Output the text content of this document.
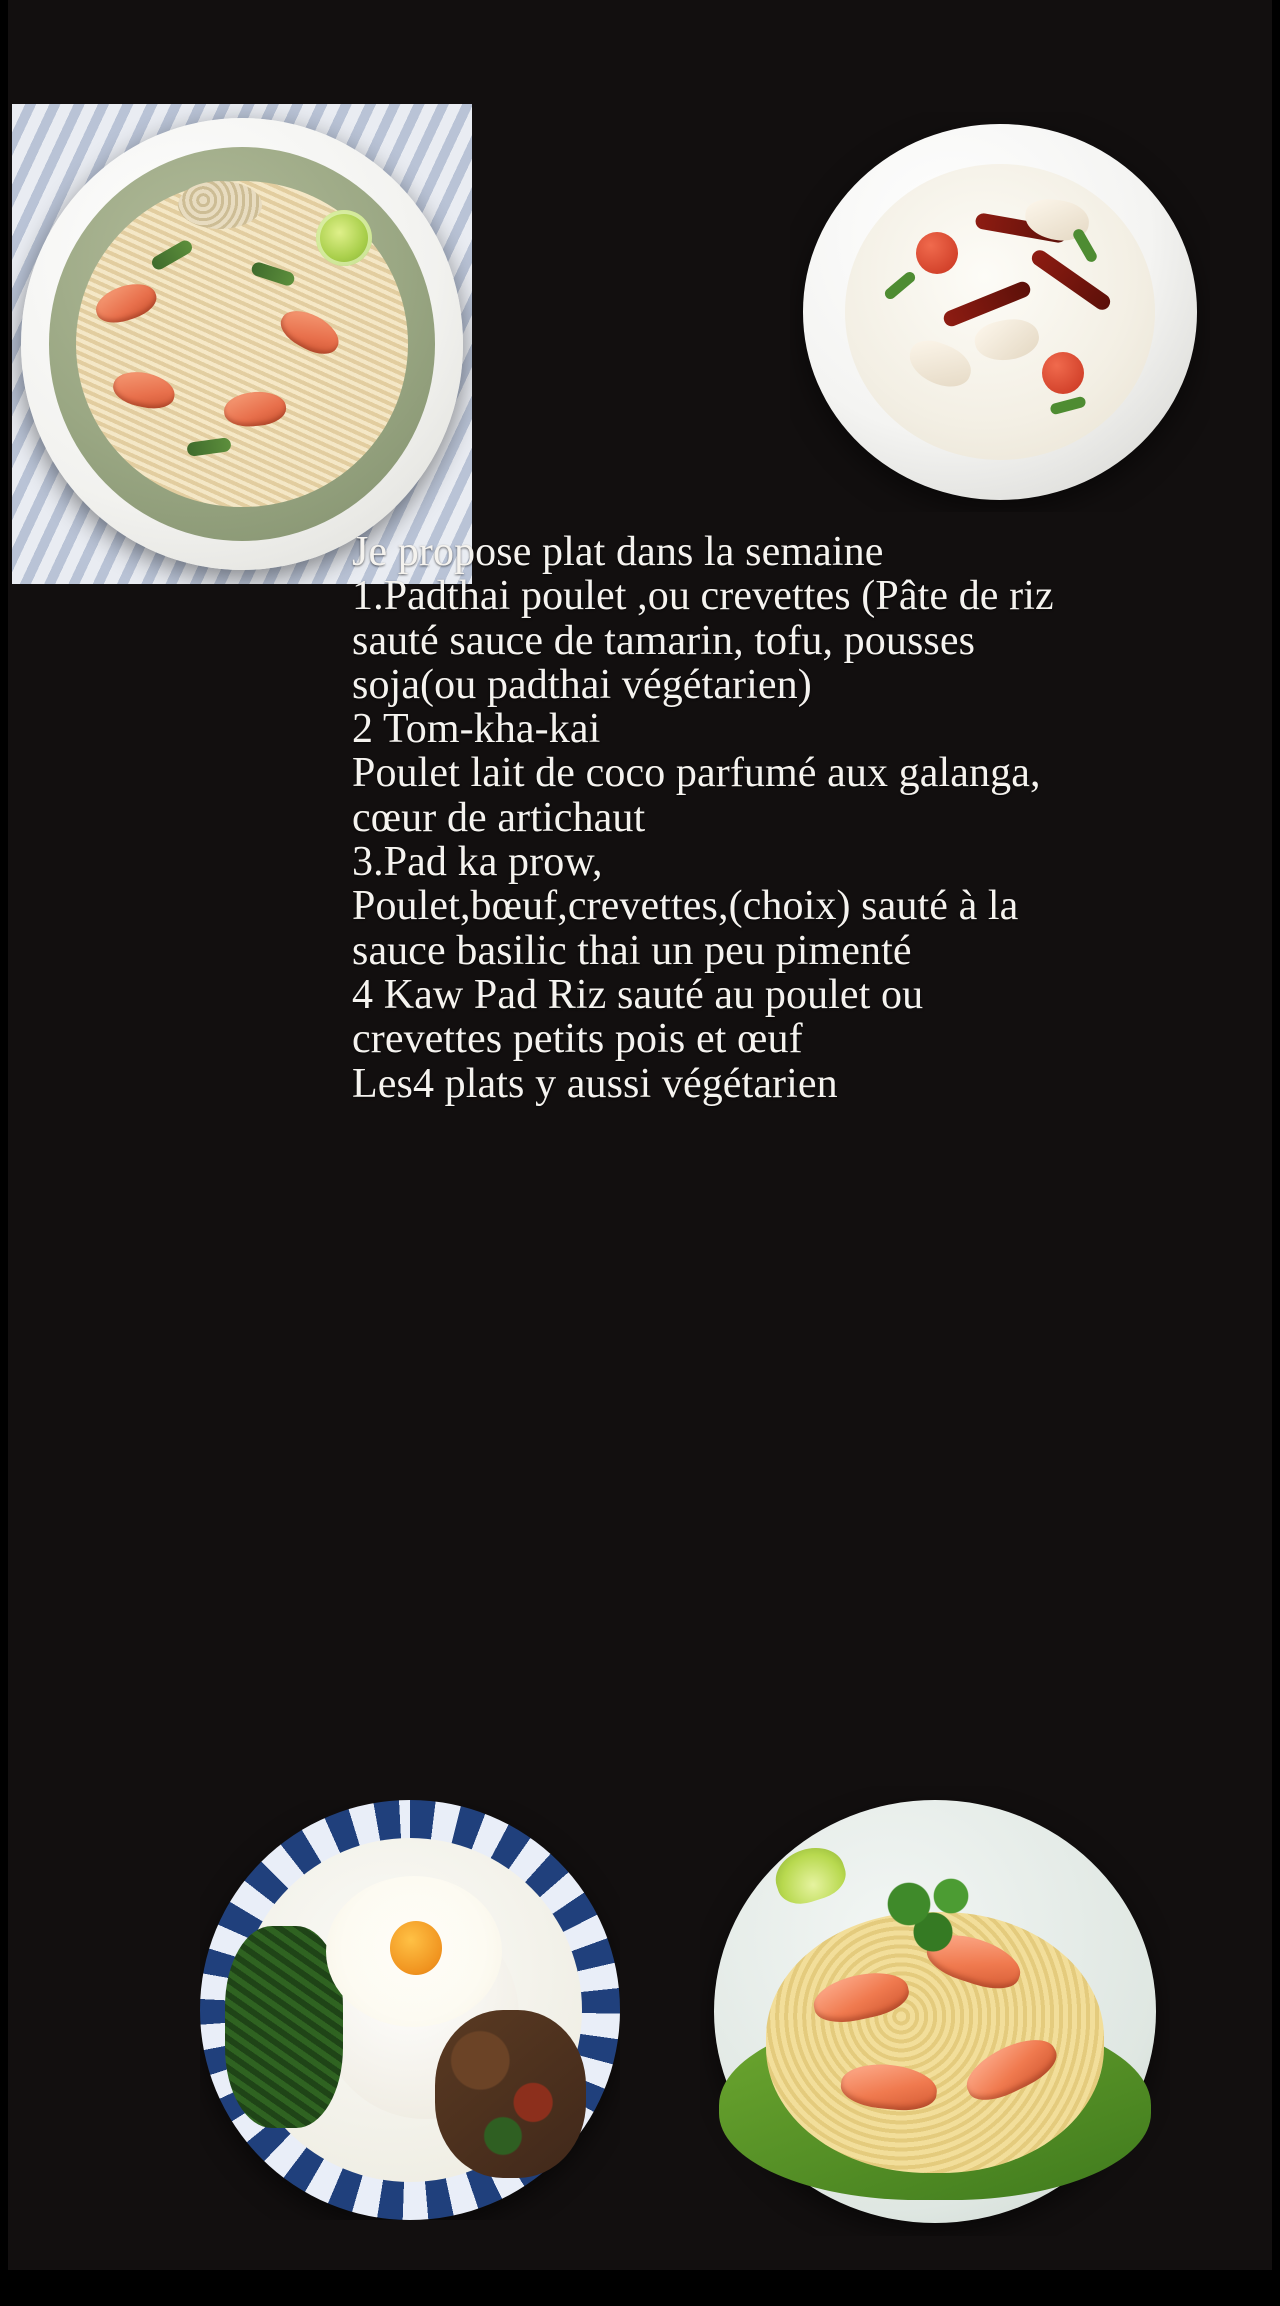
Je propose plat dans la semaine

1.Padthai poulet ,ou crevettes (Pâte de riz sauté sauce de tamarin, tofu, pousses soja(ou padthai végétarien)

2 Tom-kha-kai

Poulet lait de coco parfumé aux galanga, cœur de artichaut

3.Pad ka prow,

Poulet,bœuf,crevettes,(choix) sauté à la sauce basilic thai un peu pimenté

4 Kaw Pad Riz sauté au poulet ou crevettes petits pois et œuf

Les4 plats y aussi végétarien
